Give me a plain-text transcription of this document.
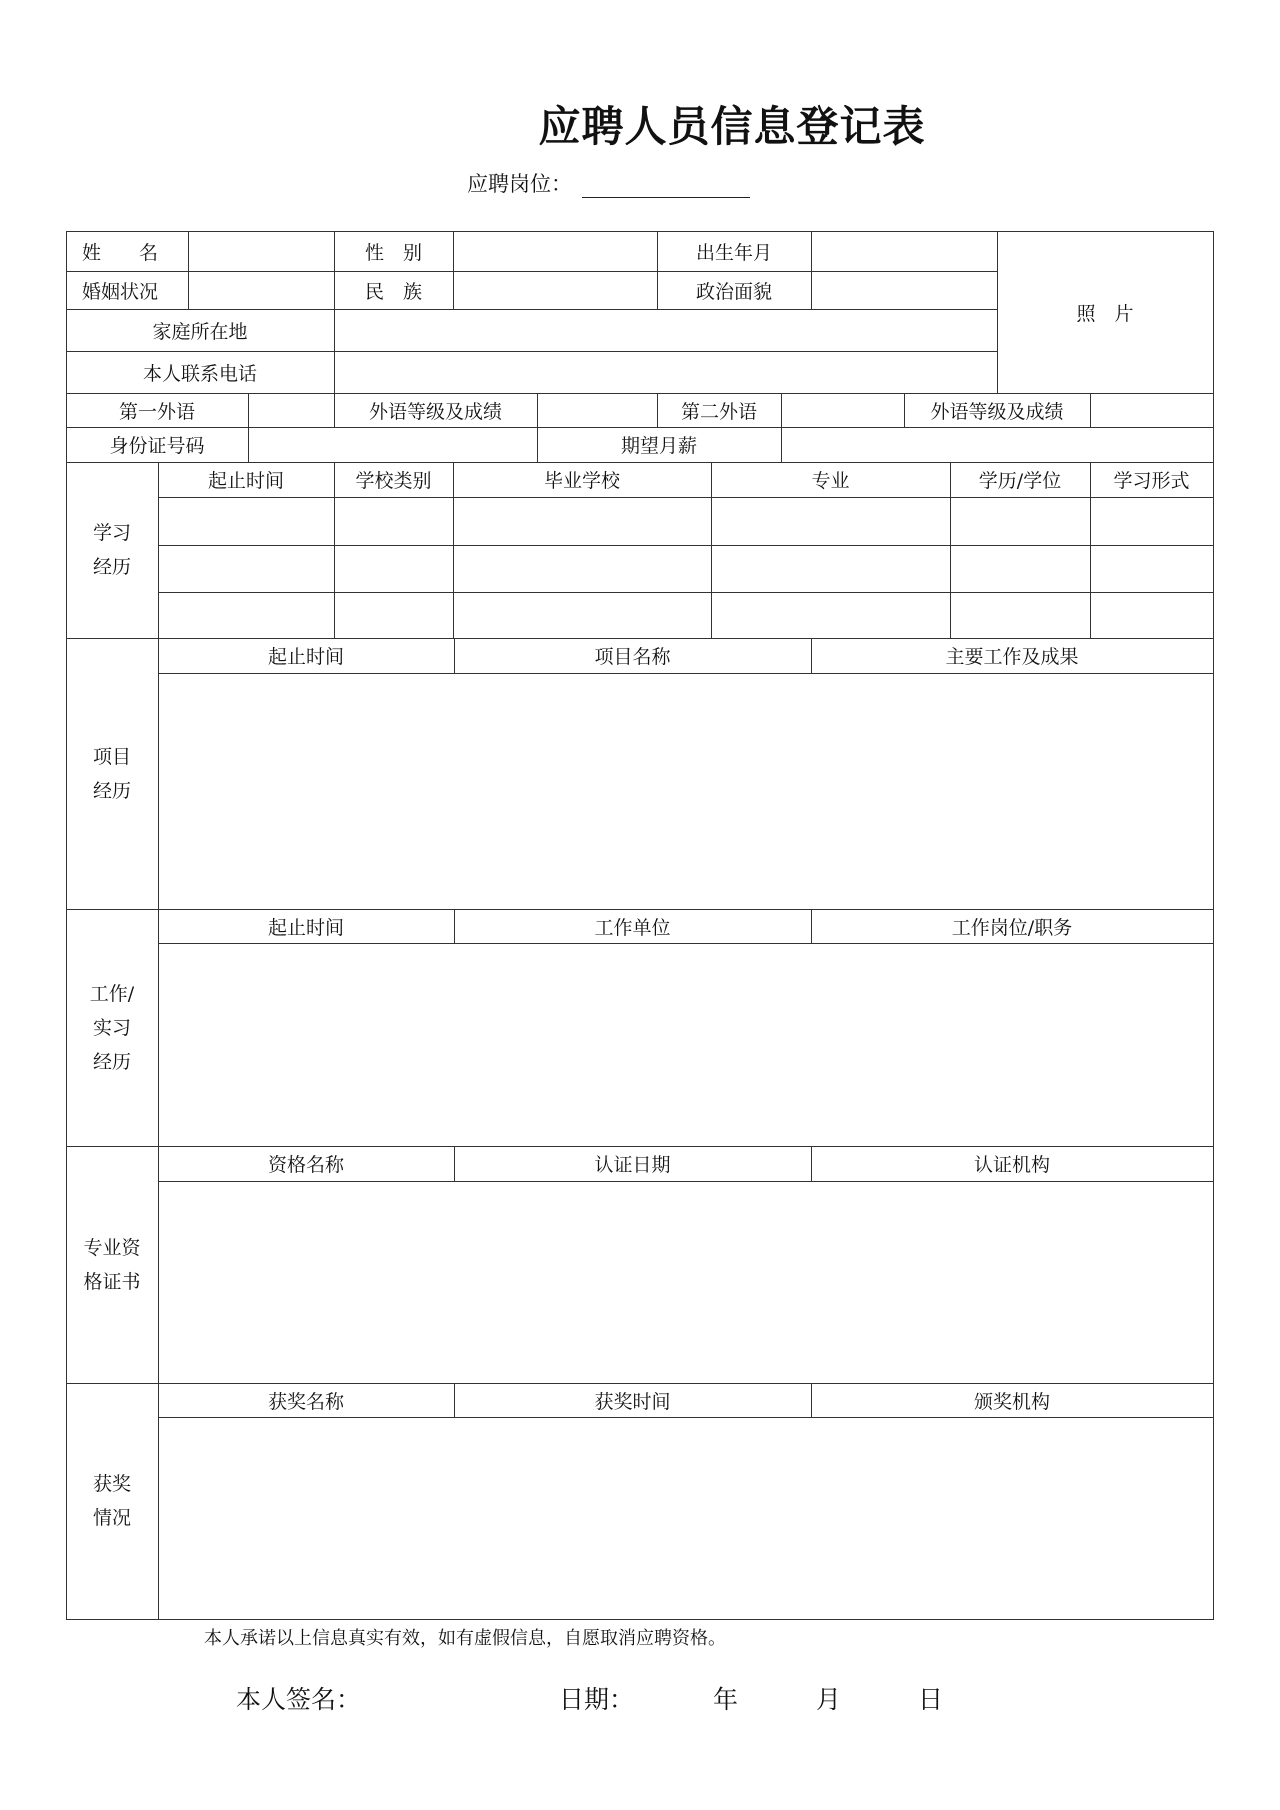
应聘人员信息登记表
应聘岗位：
姓　　名	性　别	出生年月
照　片
婚姻状况	民　族	政治面貌
家庭所在地
本人联系电话
第一外语	外语等级及成绩	第二外语	外语等级及成绩
身份证号码	期望月薪
学习
经历
起止时间	学校类别	毕业学校	专业	学历/学位	学习形式
项目
经历
起止时间	项目名称	主要工作及成果
工作/
实习
经历
起止时间	工作单位	工作岗位/职务
专业资
格证书
资格名称	认证日期	认证机构
获奖
情况
获奖名称	获奖时间	颁奖机构
本人承诺以上信息真实有效，如有虚假信息，自愿取消应聘资格。
本人签名：	日期：	年	月	日
